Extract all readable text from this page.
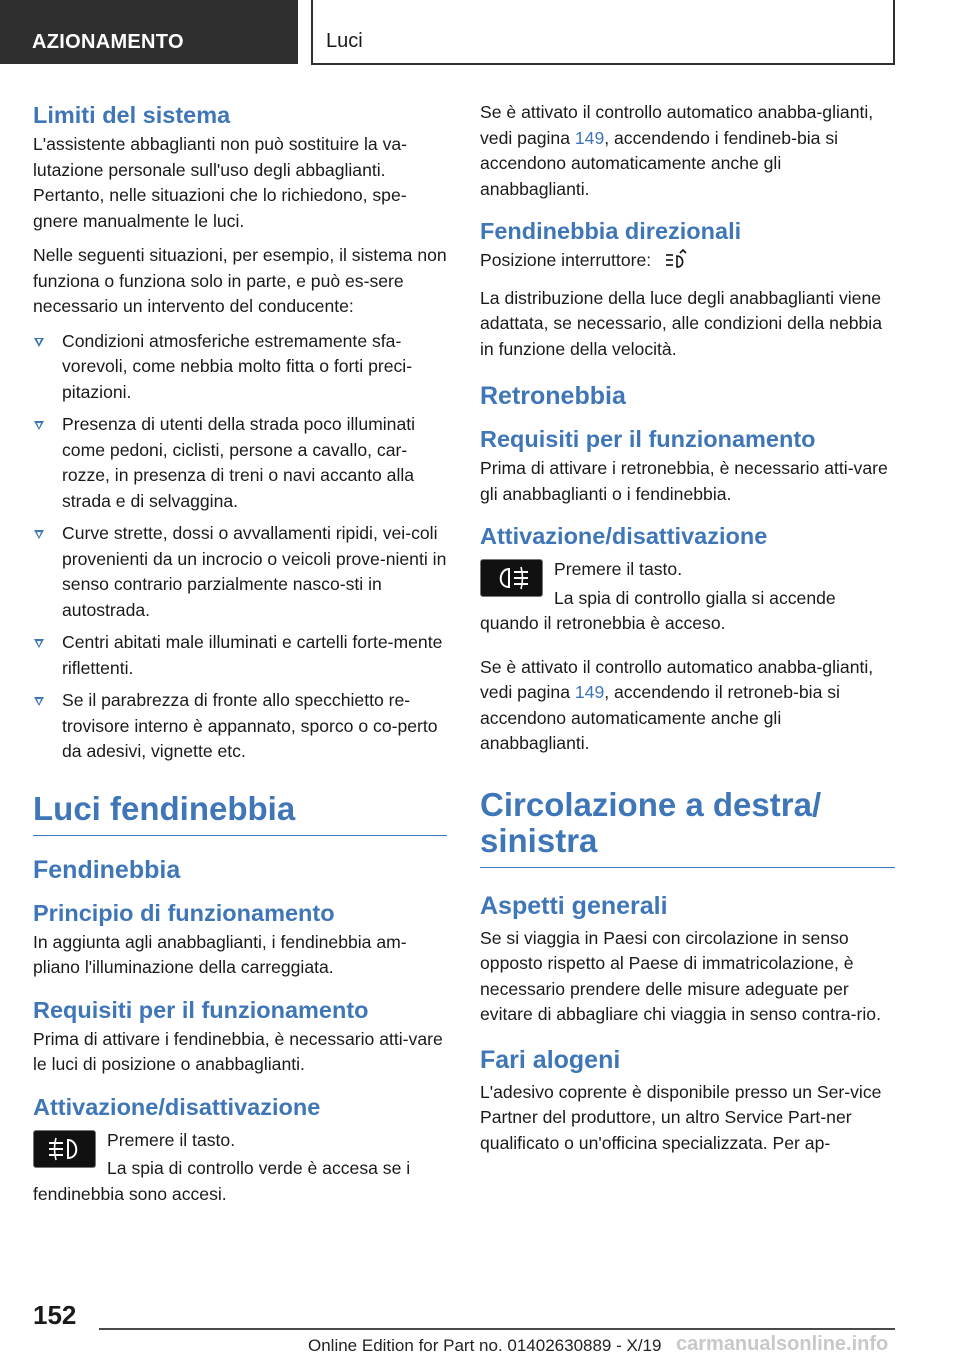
AZIONAMENTO	Luci
Limiti del sistema

L'assistente abbaglianti non può sostituire la va-lutazione personale sull'uso degli abbaglianti. Pertanto, nelle situazioni che lo richiedono, spe-gnere manualmente le luci.

Nelle seguenti situazioni, per esempio, il sistema non funziona o funziona solo in parte, e può es-sere necessario un intervento del conducente:

Condizioni atmosferiche estremamente sfa-vorevoli, come nebbia molto fitta o forti preci-pitazioni.
Presenza di utenti della strada poco illuminati come pedoni, ciclisti, persone a cavallo, car-rozze, in presenza di treni o navi accanto alla strada e di selvaggina.
Curve strette, dossi o avvallamenti ripidi, vei-coli provenienti da un incrocio o veicoli prove-nienti in senso contrario parzialmente nasco-sti in autostrada.
Centri abitati male illuminati e cartelli forte-mente riflettenti.
Se il parabrezza di fronte allo specchietto re-trovisore interno è appannato, sporco o co-perto da adesivi, vignette etc.
Luci fendinebbia
Fendinebbia
Principio di funzionamento

In aggiunta agli anabbaglianti, i fendinebbia am-pliano l'illuminazione della carreggiata.

Requisiti per il funzionamento

Prima di attivare i fendinebbia, è necessario atti-vare le luci di posizione o anabbaglianti.

Attivazione/disattivazione

Premere il tasto.

La spia di controllo verde è accesa se i

fendinebbia sono accesi.

Se è attivato il controllo automatico anabba-glianti, vedi pagina 149, accendendo i fendineb-bia si accendono automaticamente anche gli anabbaglianti.

Fendinebbia direzionali

Posizione interruttore:

La distribuzione della luce degli anabbaglianti viene adattata, se necessario, alle condizioni della nebbia in funzione della velocità.

Retronebbia
Requisiti per il funzionamento

Prima di attivare i retronebbia, è necessario atti-vare gli anabbaglianti o i fendinebbia.

Attivazione/disattivazione

Premere il tasto.

La spia di controllo gialla si accende

quando il retronebbia è acceso.

Se è attivato il controllo automatico anabba-glianti, vedi pagina 149, accendendo il retroneb-bia si accendono automaticamente anche gli anabbaglianti.

Circolazione a destra/ sinistra
Aspetti generali

Se si viaggia in Paesi con circolazione in senso opposto rispetto al Paese di immatricolazione, è necessario prendere delle misure adeguate per evitare di abbagliare chi viaggia in senso contra-rio.

Fari alogeni

L'adesivo coprente è disponibile presso un Ser-vice Partner del produttore, un altro Service Part-ner qualificato o un'officina specializzata. Per ap-

152
Online Edition for Part no. 01402630889 - X/19 carmanualsonline.info
